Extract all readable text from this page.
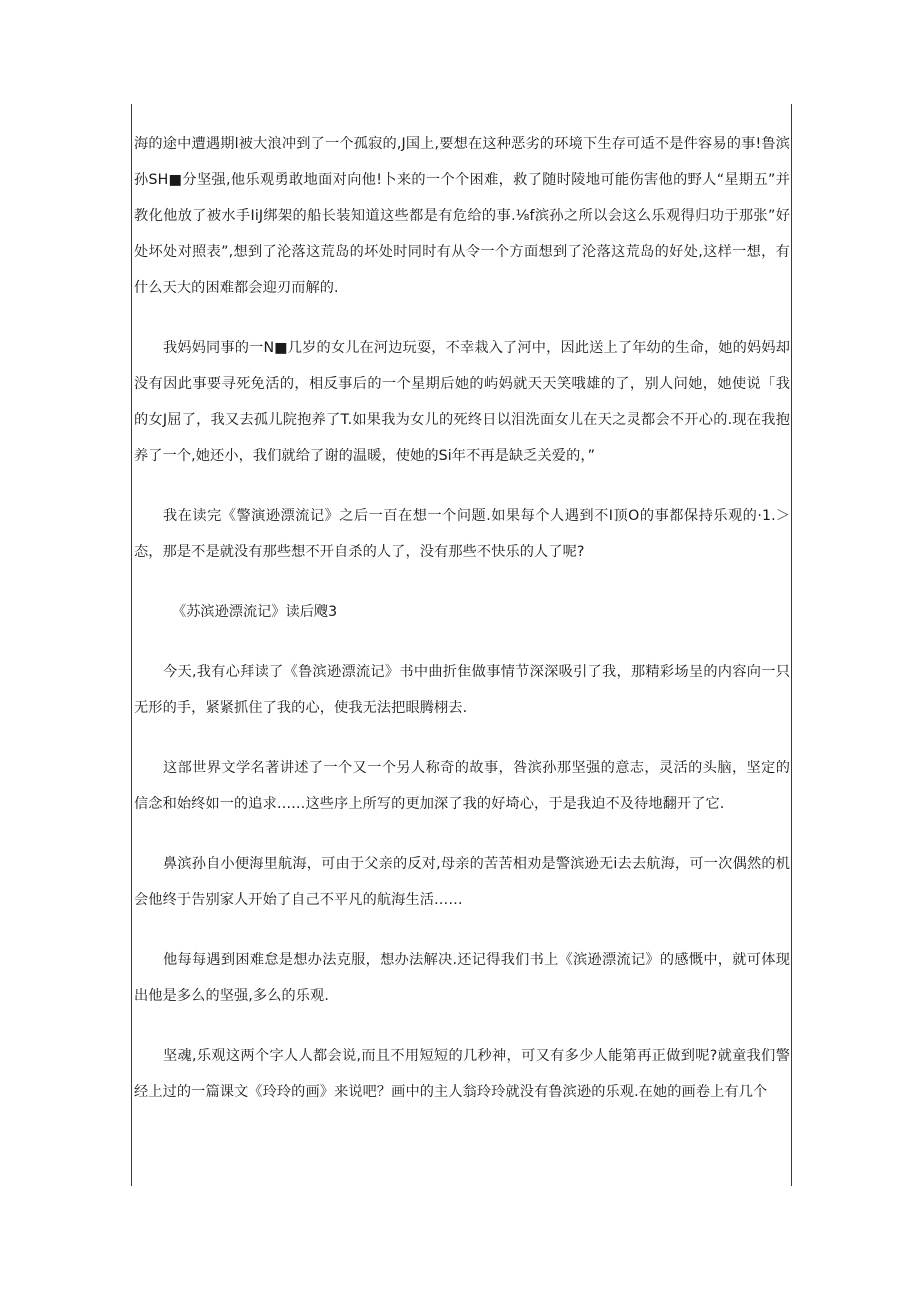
海的途中遭遇期l被大浪冲到了一个孤寂的,J国上,要想在这种恶劣的环境下生存可适不是件容易的事!鲁滨孙SH■分坚强,他乐观勇敢地面对向他!卜来的一个个困难，救了随时陵地可能伤害他的野人“星期五”并教化他放了被水手IiJ绑架的船长装知道这些都是有危给的事.⅛f滨孙之所以会这么乐观得归功于那张”好处坏处对照表”,想到了沦落这荒岛的坏处时同时有从令一个方面想到了沦落这荒岛的好处,这样一想，有什么天大的困难都会迎刃而解的.

我妈妈同事的一N■几岁的女儿在河边玩耍，不幸栽入了河中，因此送上了年幼的生命，她的妈妈却没有因此事要寻死免活的，相反事后的一个星期后她的屿妈就天天笑哦雄的了，别人问她，她使说「我的女J屈了，我又去孤儿院抱养了T.如果我为女儿的死终日以泪洗面女儿在天之灵都会不开心的.现在我抱养了一个,她还小，我们就给了谢的温暖，使她的Si年不再是缺乏关爱的，”

我在读完《警演逊漂流记》之后一百在想一个问题.如果每个人遇到不I顶O的事都保持乐观的·1.＞态，那是不是就没有那些想不开自杀的人了，没有那些不快乐的人了呢?

《苏滨逊漂流记》读后飕3

今天,我有心拜读了《鲁滨逊漂流记》书中曲折隹做事情节深深吸引了我，那精彩场呈的内容向一只无形的手，紧紧抓住了我的心，使我无法把眼腾栩去.

这部世界文学名著讲述了一个又一个另人称奇的故事，咎滨孙那坚强的意志，灵活的头脑，坚定的信念和始终如一的追求……这些序上所写的更加深了我的好埼心，于是我迫不及待地翻开了它.

鼻滨孙自小便海里航海，可由于父亲的反对,母亲的苦苦相劝是警滨逊无i去去航海，可一次偶然的机会他终于告别家人开始了自己不平凡的航海生活……

他每每遇到困难怠是想办法克服，想办法解决.还记得我们书上《滨逊漂流记》的感慨中，就可体现出他是多么的坚强,多么的乐观.

坚魂,乐观这两个字人人都会说,而且不用短短的几秒神，可又有多少人能第再正做到呢?就童我们警经上过的一篇课文《玲玲的画》来说吧？画中的主人翁玲玲就没有鲁滨逊的乐观.在她的画卷上有几个
